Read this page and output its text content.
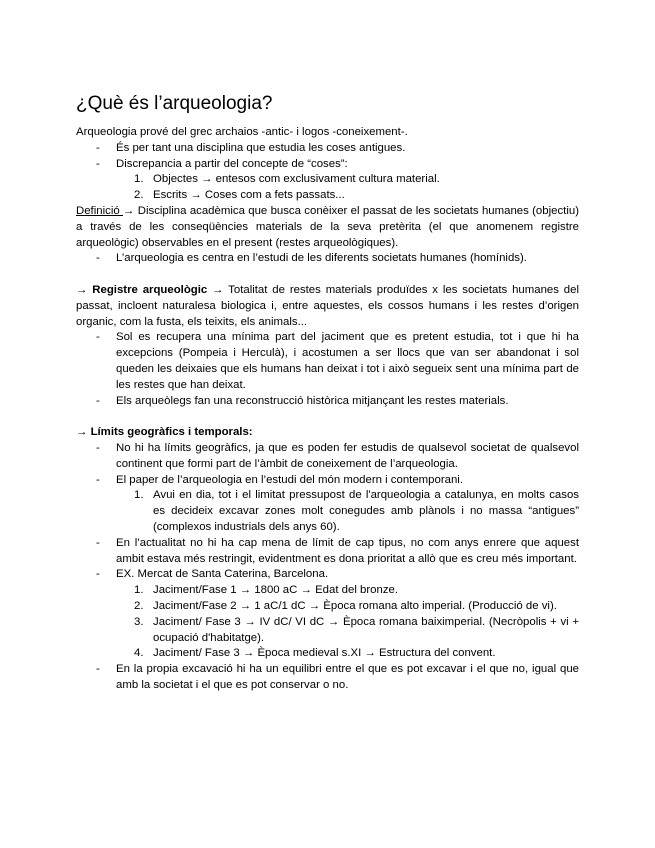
¿Què és l’arqueologia?

Arqueologia prové del grec archaios -antic- i logos -coneixement-.

- És per tant una disciplina que estudia les coses antigues.
- Discrepancia a partir del concepte de “coses”:
1. Objectes → entesos com exclusivament cultura material.
2. Escrits → Coses com a fets passats...

Definició → Disciplina acadèmica que busca conèixer el passat de les societats humanes (objectiu) a través de les conseqüències materials de la seva pretèrita (el que anomenem registre arqueològic) observables en el present (restes arqueològiques).

- L’arqueologia es centra en l’estudi de les diferents societats humanes (homínids).

→ Registre arqueològic → Totalitat de restes materials produïdes x les societats humanes del passat, incloent naturalesa biologica i, entre aquestes, els cossos humans i les restes d’origen organic, com la fusta, els teixits, els animals...

- Sol es recupera una mínima part del jaciment que es pretent estudia, tot i que hi ha excepcions (Pompeia i Herculà), i acostumen a ser llocs que van ser abandonat i sol queden les deixaies que els humans han deixat i tot i això segueix sent una mínima part de les restes que han deixat.
- Els arqueòlegs fan una reconstrucció històrica mitjançant les restes materials.

→ Límits geogràfics i temporals:

- No hi ha límits geogràfics, ja que es poden fer estudis de qualsevol societat de qualsevol continent que formi part de l’àmbit de coneixement de l’arqueologia.
- El paper de l’arqueologia en l’estudi del món modern i contemporani.
1. Avui en dia, tot i el limitat pressupost de l'arqueologia a catalunya, en molts casos es decideix excavar zones molt conegudes amb plànols i no massa “antigues” (complexos industrials dels anys 60).
- En l’actualitat no hi ha cap mena de límit de cap tipus, no com anys enrere que aquest ambit estava més restringit, evidentment es dona prioritat a allò que es creu més important.
- EX. Mercat de Santa Caterina, Barcelona.
1. Jaciment/Fase 1 → 1800 aC → Edat del bronze.
2. Jaciment/Fase 2 → 1 aC/1 dC → Època romana alto imperial. (Producció de vi).
3. Jaciment/ Fase 3 → IV dC/ VI dC → Època romana baiximperial. (Necròpolis + vi + ocupació d'habitatge).
4. Jaciment/ Fase 3 → Època medieval s.XI → Estructura del convent.
- En la propia excavació hi ha un equilibri entre el que es pot excavar i el que no, igual que amb la societat i el que es pot conservar o no.
